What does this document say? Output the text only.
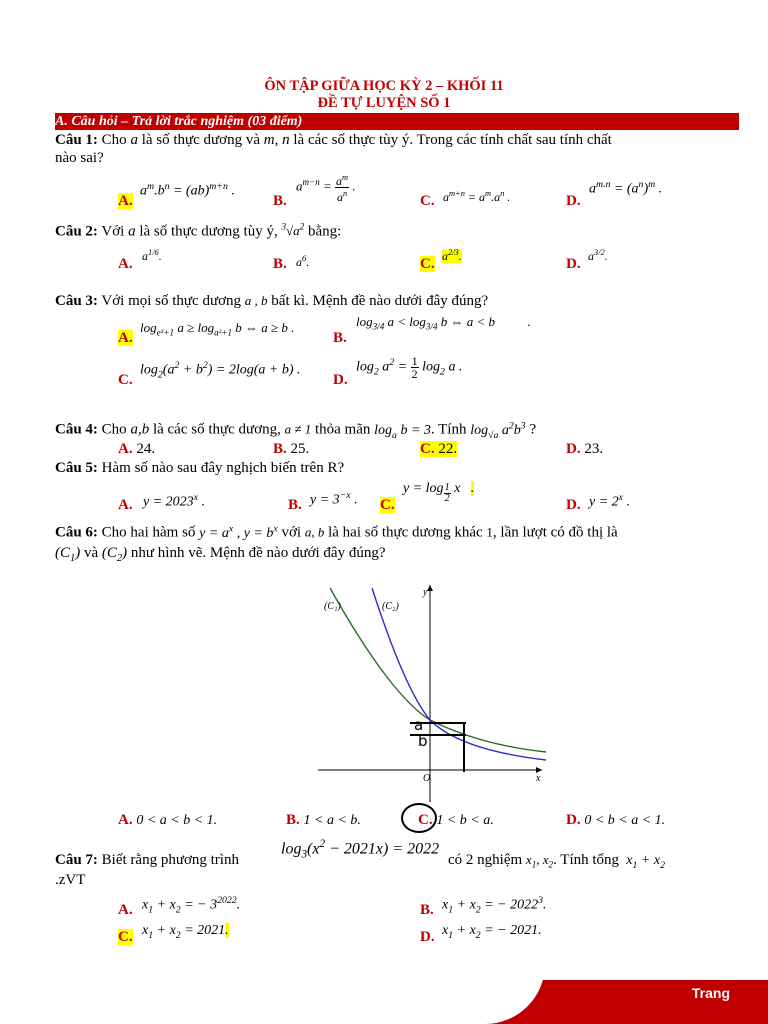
ÔN TẬP GIỮA HỌC KỲ 2 – KHỐI 11
ĐỀ TỰ LUYỆN SỐ 1
A. Câu hỏi – Trả lời trắc nghiệm (03 điểm)
Câu 1: Cho a là số thực dương và m, n là các số thực tùy ý. Trong các tính chất sau tính chất
nào sai?
A.
$a^m.b^n = (ab)^{m+n}$ .
B.
$a^{m-n} = \frac{a^m}{a^n}$ .
C. $a^{m+n} = a^m.a^n$ .	D.
$a^{m.n} = (a^n)^m$ .
Câu 2: Với a là số thực dương tùy ý, $^3√a^2$ bằng:
A. $a^{1/6}$.	B. $a^6$.	C. $a^{2/3}$.	D. $a^{3/2}$.
Câu 3: Với mọi số thực dương a , b bất kì. Mệnh đề nào dưới đây đúng?
A.
$\log_{e^2+1} a \ge \log_{a^2+1} b$ ⇔ a ≥ b .
B.
$\log_{3/4} a < \log_{3/4} b$ ⇔ a < b          .
C.
$\log_2(a^2 + b^2) = 2\log(a + b)$ .
D.
$\log_2 a^2 = \frac{1}{2} \log_2 a$ .
Câu 4: Cho a,b là các số thực dương, a ≠ 1 thỏa mãn $\log_a b = 3$. Tính $\log_{√a} a^2b^3$ ?
A. 24.	B. 25.	C. 22.	D. 23.
Câu 5: Hàm số nào sau đây nghịch biến trên R?
A. $y = 2023^x$ .	B. $y = 3^{-x}$ . C.
y = log $_{\frac{1}{2}}$ x   .
D. $y = 2^x$ .
Câu 6: Cho hai hàm số $y = a^x$ , $y = b^x$ với a, b là hai số thực dương khác 1, lần lượt có đồ thị là
$(C_1)$ và $(C_2)$ như hình vẽ. Mệnh đề nào dưới đây đúng?
(C₁)	(C₂)
y
x
O
a
b
A. 0 < a < b < 1.	B. 1 < a < b.	C. 1 < b < a.	D. 0 < b < a < 1.
Câu 7: Biết rằng phương trình
$\log_3(x^2 - 2021x) = 2022$
có 2 nghiệm $x_1$, $x_2$. Tính tổng  $x_1 + x_2$
.zVT
A. $x_1 + x_2$ = − $3^{2022}$.	B. $x_1 + x_2$ = − $2022^3$.
C. $x_1 + x_2 = 2021$.	D. $x_1 + x_2$ = − 2021.
Trang
